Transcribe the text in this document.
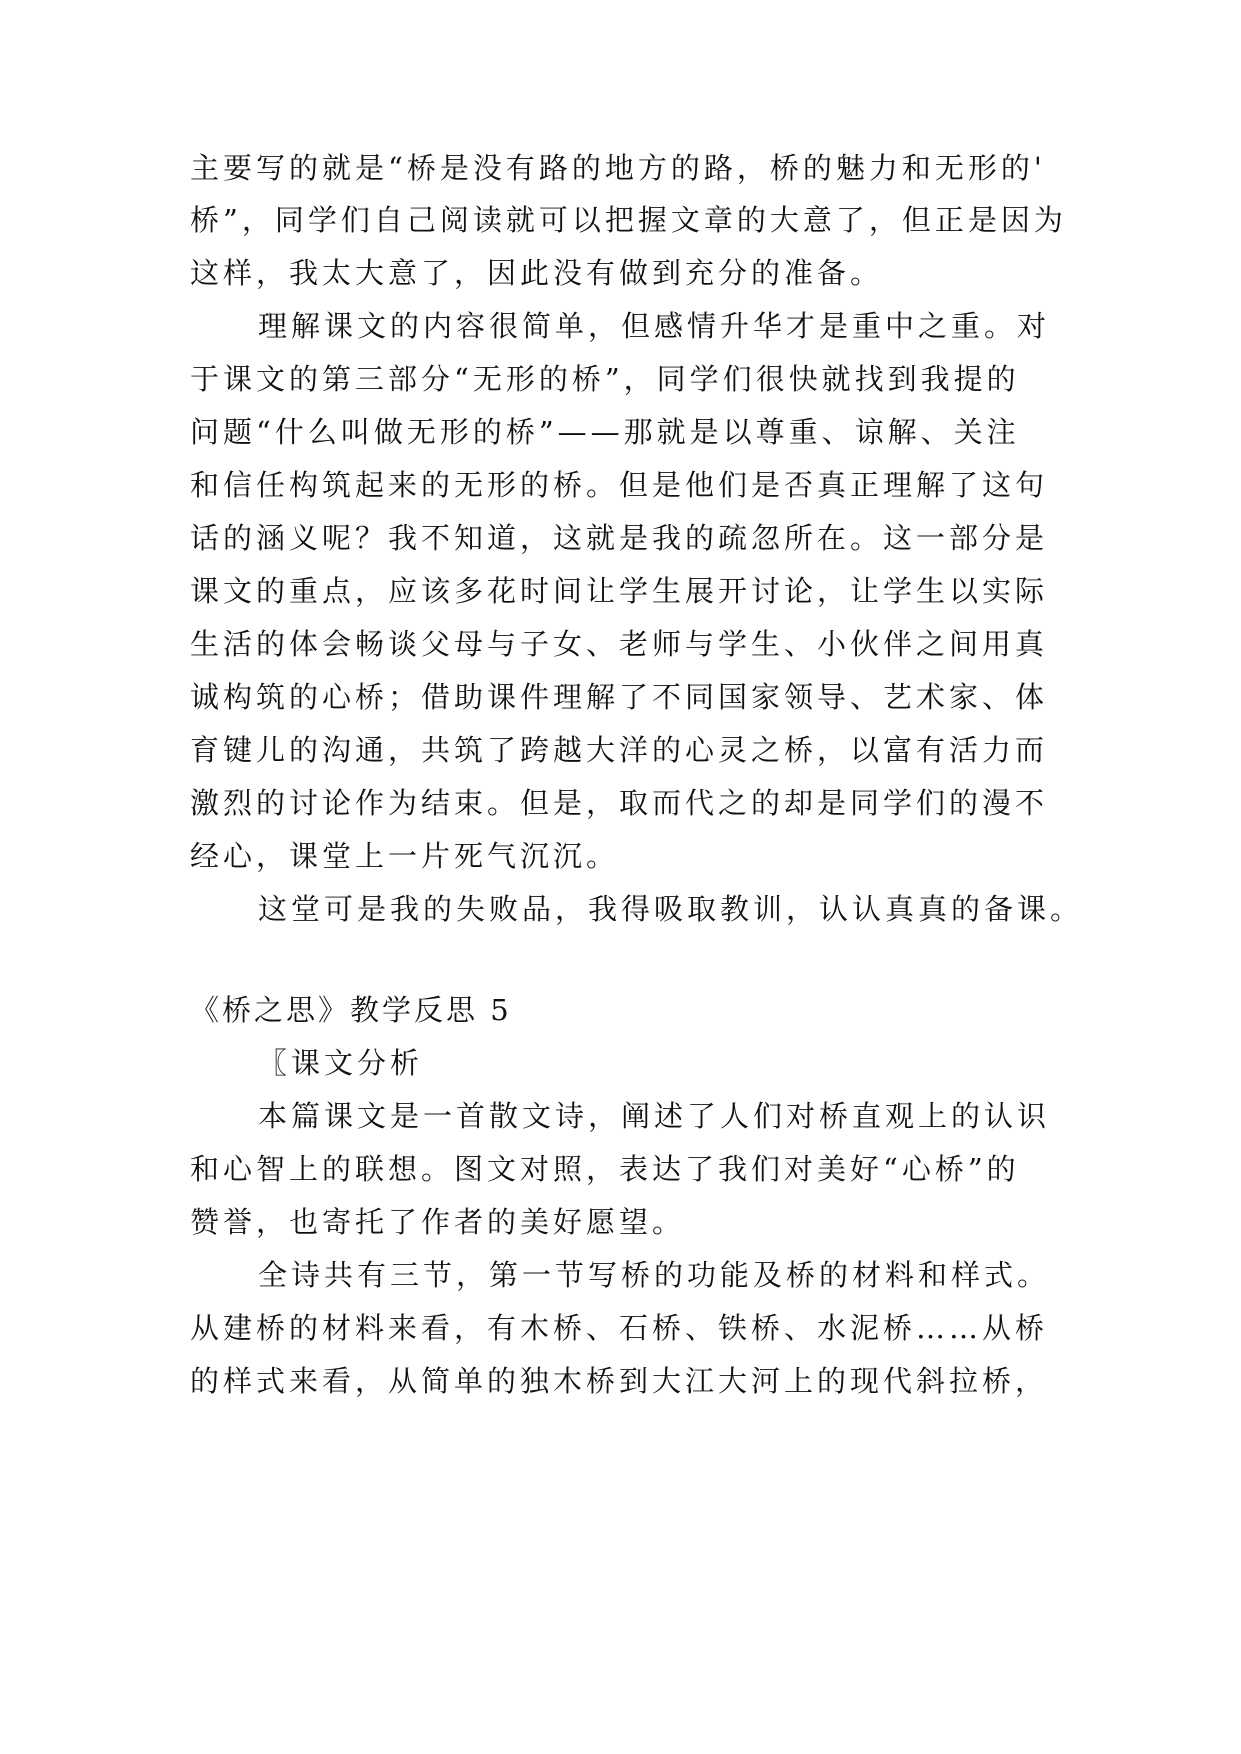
主要写的就是“桥是没有路的地方的路，桥的魅力和无形的'
桥”，同学们自己阅读就可以把握文章的大意了，但正是因为
这样，我太大意了，因此没有做到充分的准备。
理解课文的内容很简单，但感情升华才是重中之重。对
于课文的第三部分“无形的桥”，同学们很快就找到我提的
问题“什么叫做无形的桥”——那就是以尊重、谅解、关注
和信任构筑起来的无形的桥。但是他们是否真正理解了这句
话的涵义呢？我不知道，这就是我的疏忽所在。这一部分是
课文的重点，应该多花时间让学生展开讨论，让学生以实际
生活的体会畅谈父母与子女、老师与学生、小伙伴之间用真
诚构筑的心桥；借助课件理解了不同国家领导、艺术家、体
育键儿的沟通，共筑了跨越大洋的心灵之桥，以富有活力而
激烈的讨论作为结束。但是，取而代之的却是同学们的漫不
经心，课堂上一片死气沉沉。
这堂可是我的失败品，我得吸取教训，认认真真的备课。
《桥之思》教学反思 5
〖课文分析
本篇课文是一首散文诗，阐述了人们对桥直观上的认识
和心智上的联想。图文对照，表达了我们对美好“心桥”的
赞誉，也寄托了作者的美好愿望。
全诗共有三节，第一节写桥的功能及桥的材料和样式。
从建桥的材料来看，有木桥、石桥、铁桥、水泥桥……从桥
的样式来看，从简单的独木桥到大江大河上的现代斜拉桥，
